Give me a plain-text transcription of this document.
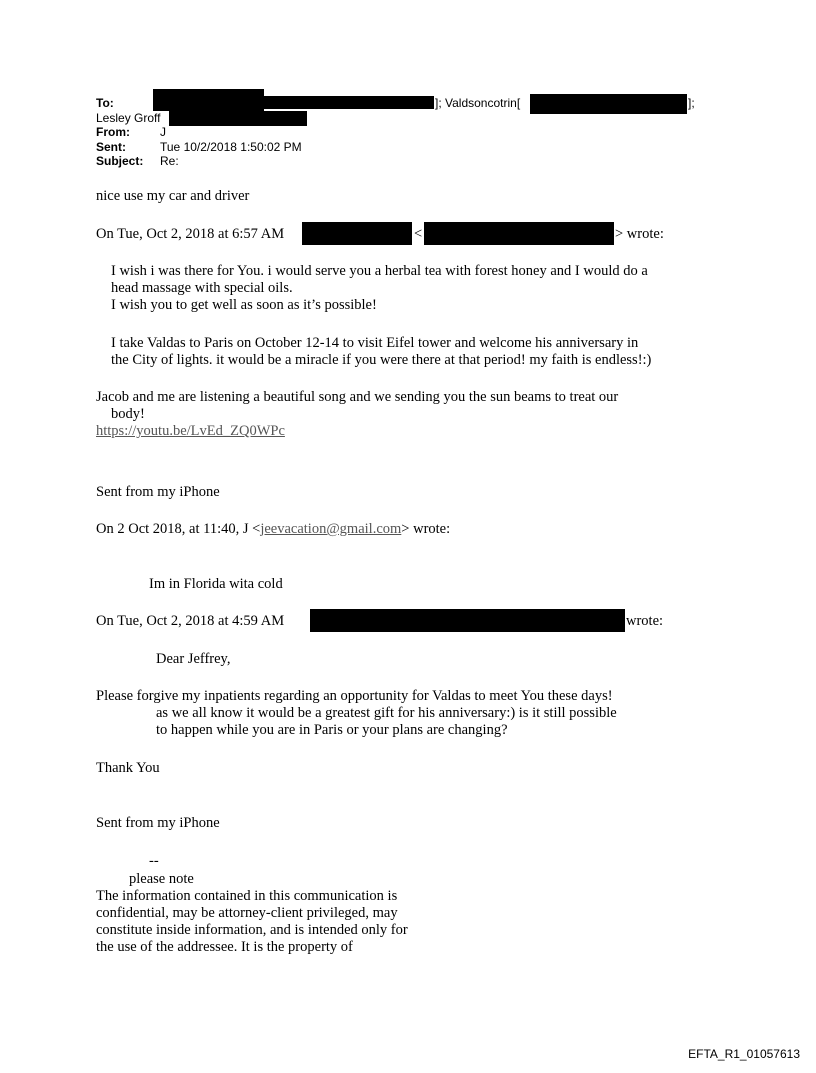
To:	]; Valdsoncotrin[	];
Lesley Groff
From:	J
Sent:	Tue 10/2/2018 1:50:02 PM
Subject: Re:
nice use my car and driver
On Tue, Oct 2, 2018 at 6:57 AM	<	> wrote:
I wish i was there for You. i would serve you a herbal tea with forest honey and I would do a
head massage with special oils.
I wish you to get well as soon as it’s possible!
I take Valdas to Paris on October 12-14 to visit Eifel tower and welcome his anniversary in
the City of lights. it would be a miracle if you were there at that period! my faith is endless!:)
Jacob and me are listening a beautiful song and we sending you the sun beams to treat our
body!
https://youtu.be/LvEd_ZQ0WPc
Sent from my iPhone
On 2 Oct 2018, at 11:40, J <jeevacation@gmail.com> wrote:
Im in Florida wita cold
On Tue, Oct 2, 2018 at 4:59 AM	wrote:
Dear Jeffrey,
Please forgive my inpatients regarding an opportunity for Valdas to meet You these days!
as we all know it would be a greatest gift for his anniversary:) is it still possible
to happen while you are in Paris or your plans are changing?
Thank You
Sent from my iPhone
--
please note
The information contained in this communication is
confidential, may be attorney-client privileged, may
constitute inside information, and is intended only for
the use of the addressee. It is the property of
EFTA_R1_01057613
